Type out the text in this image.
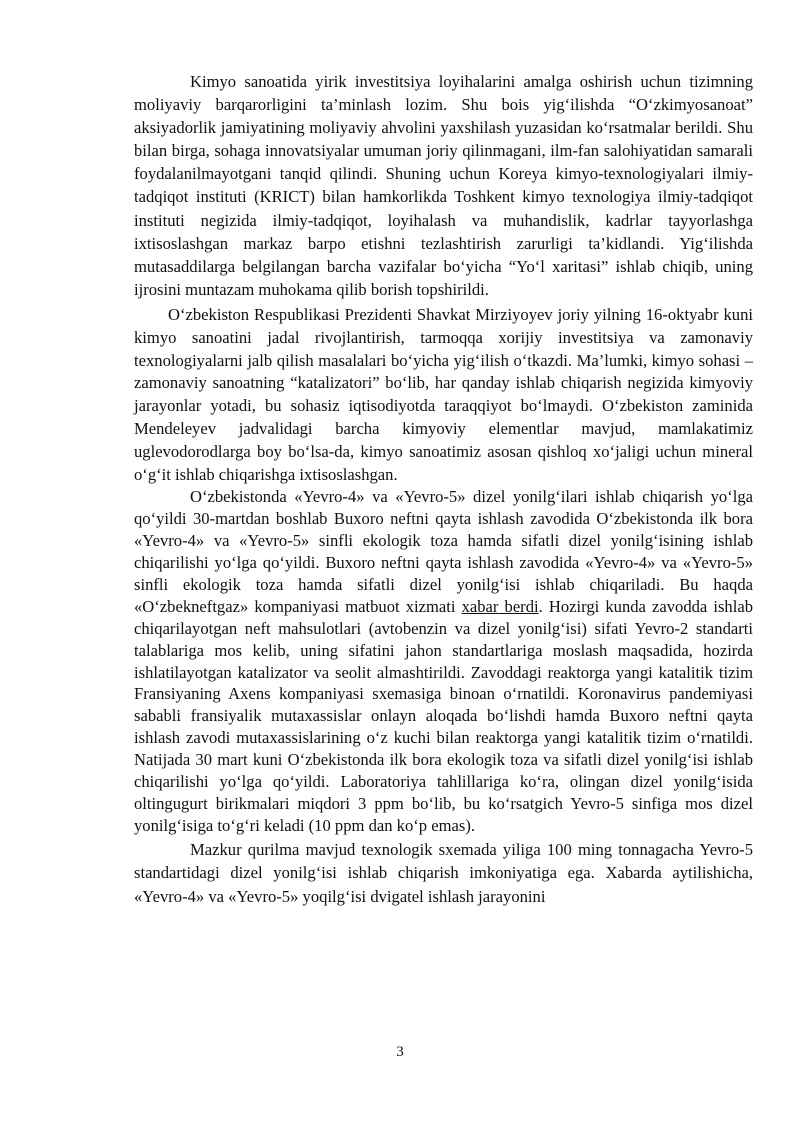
Kimyo sanoatida yirik investitsiya loyihalarini amalga oshirish uchun tizimning moliyaviy barqarorligini ta’minlash lozim. Shu bois yig‘ilishda “O‘zkimyosanoat” aksiyadorlik jamiyatining moliyaviy ahvolini yaxshilash yuzasidan ko‘rsatmalar berildi. Shu bilan birga, sohaga innovatsiyalar umuman joriy qilinmagani, ilm-fan salohiyatidan samarali foydalanilmayotgani tanqid qilindi. Shuning uchun Koreya kimyo-texnologiyalari ilmiy-tadqiqot instituti (KRICT) bilan hamkorlikda Toshkent kimyo texnologiya ilmiy-tadqiqot instituti negizida ilmiy-tadqiqot, loyihalash va muhandislik, kadrlar tayyorlashga ixtisoslashgan markaz barpo etishni tezlashtirish zarurligi ta’kidlandi. Yig‘ilishda mutasaddilarga belgilangan barcha vazifalar bo‘yicha “Yo‘l xaritasi” ishlab chiqib, uning ijrosini muntazam muhokama qilib borish topshirildi.

O‘zbekiston Respublikasi Prezidenti Shavkat Mirziyoyev joriy yilning 16-oktyabr kuni kimyo sanoatini jadal rivojlantirish, tarmoqqa xorijiy investitsiya va zamonaviy texnologiyalarni jalb qilish masalalari bo‘yicha yig‘ilish o‘tkazdi. Ma’lumki, kimyo sohasi – zamonaviy sanoatning “katalizatori” bo‘lib, har qanday ishlab chiqarish negizida kimyoviy jarayonlar yotadi, bu sohasiz iqtisodiyotda taraqqiyot bo‘lmaydi. O‘zbekiston zaminida Mendeleyev jadvalidagi barcha kimyoviy elementlar mavjud, mamlakatimiz uglevodorodlarga boy bo‘lsa-da, kimyo sanoatimiz asosan qishloq xo‘jaligi uchun mineral o‘g‘it ishlab chiqarishga ixtisoslashgan.

O‘zbekistonda «Yevro-4» va «Yevro-5» dizel yonilg‘ilari ishlab chiqarish yo‘lga qo‘yildi 30-martdan boshlab Buxoro neftni qayta ishlash zavodida O‘zbekistonda ilk bora «Yevro-4» va «Yevro-5» sinfli ekologik toza hamda sifatli dizel yonilg‘isining ishlab chiqarilishi yo‘lga qo‘yildi. Buxoro neftni qayta ishlash zavodida «Yevro-4» va «Yevro-5» sinfli ekologik toza hamda sifatli dizel yonilg‘isi ishlab chiqariladi. Bu haqda «O‘zbekneftgaz» kompaniyasi matbuot xizmati xabar berdi. Hozirgi kunda zavodda ishlab chiqarilayotgan neft mahsulotlari (avtobenzin va dizel yonilg‘isi) sifati Yevro-2 standarti talablariga mos kelib, uning sifatini jahon standartlariga moslash maqsadida, hozirda ishlatilayotgan katalizator va seolit almashtirildi. Zavoddagi reaktorga yangi katalitik tizim Fransiyaning Axens kompaniyasi sxemasiga binoan o‘rnatildi. Koronavirus pandemiyasi sababli fransiyalik mutaxassislar onlayn aloqada bo‘lishdi hamda Buxoro neftni qayta ishlash zavodi mutaxassislarining o‘z kuchi bilan reaktorga yangi katalitik tizim o‘rnatildi. Natijada 30 mart kuni O‘zbekistonda ilk bora ekologik toza va sifatli dizel yonilg‘isi ishlab chiqarilishi yo‘lga qo‘yildi. Laboratoriya tahlillariga ko‘ra, olingan dizel yonilg‘isida oltingugurt birikmalari miqdori 3 ppm bo‘lib, bu ko‘rsatgich Yevro-5 sinfiga mos dizel yonilg‘isiga to‘g‘ri keladi (10 ppm dan ko‘p emas).

Mazkur qurilma mavjud texnologik sxemada yiliga 100 ming tonnagacha Yevro-5 standartidagi dizel yonilg‘isi ishlab chiqarish imkoniyatiga ega. Xabarda aytilishicha, «Yevro-4» va «Yevro-5» yoqilg‘isi dvigatel ishlash jarayonini

3
